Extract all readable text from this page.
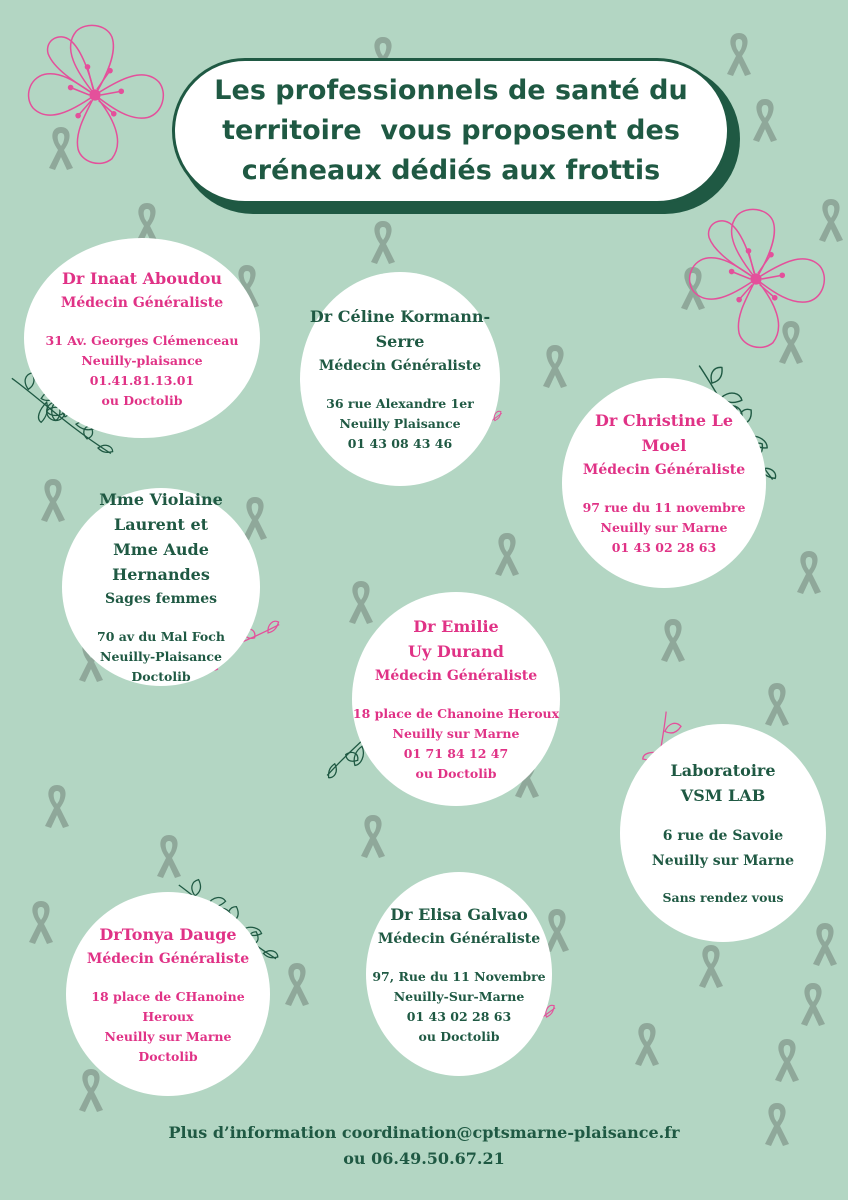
Les professionnels de santé du
territoire  vous proposent des
créneaux dédiés aux frottis
Dr Inaat Aboudou
Médecin Généraliste
31 Av. Georges Clémenceau
Neuilly-plaisance
01.41.81.13.01
ou Doctolib
Dr Céline Kormann-
Serre
Médecin Généraliste
36 rue Alexandre 1er
Neuilly Plaisance
01 43 08 43 46
Dr Christine Le
Moel
Médecin Généraliste
97 rue du 11 novembre
Neuilly sur Marne
01 43 02 28 63
Mme Violaine
Laurent et
Mme Aude Hernandes
Sages femmes
70 av du Mal Foch
Neuilly-Plaisance
Doctolib
Dr Emilie
Uy Durand
Médecin Généraliste
18 place de Chanoine Heroux
Neuilly sur Marne
01 71 84 12 47
ou Doctolib	Laboratoire
VSM LAB
6 rue de Savoie
Neuilly sur Marne
Sans rendez vous
DrTonya Dauge
Médecin Généraliste
18 place de CHanoine Heroux
Neuilly sur Marne
Doctolib
Dr Elisa Galvao
Médecin Généraliste
97, Rue du 11 Novembre
Neuilly-Sur-Marne
01 43 02 28 63
ou Doctolib
Plus d’information coordination@cptsmarne-plaisance.fr
ou 06.49.50.67.21
